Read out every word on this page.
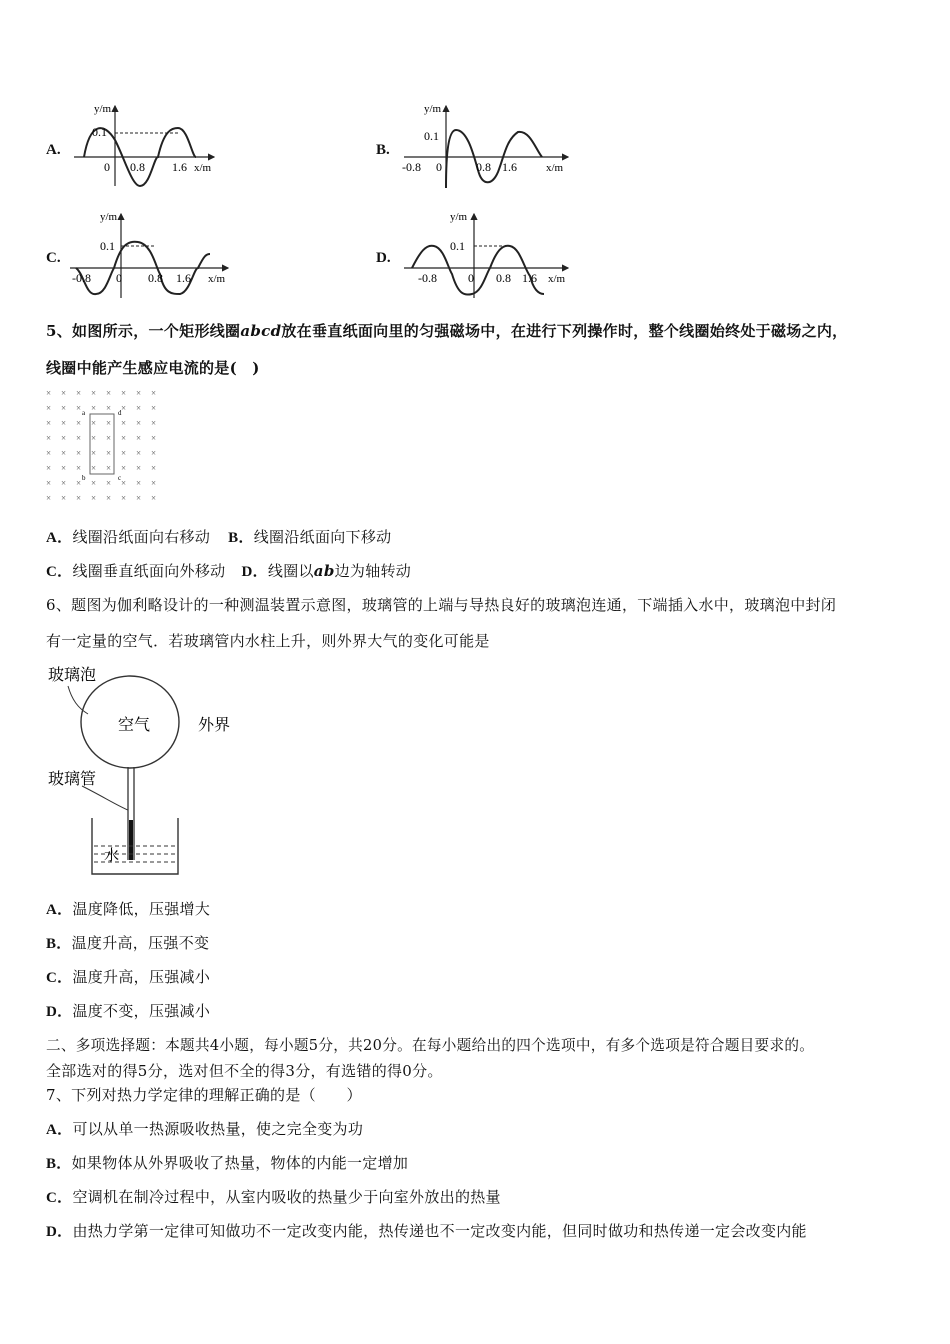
A.
y/m
0.1
0 0.8 1.6 x/m
B.
y/m
0.1
-0.8 0	0.8 1.6	x/m
C.
y/m
0.1
-0.8 0 0.8 1.6 x/m
D.
y/m
0.1
-0.8	0 0.8 1.6 x/m
5、如图所示，一个矩形线圈abcd放在垂直纸面向里的匀强磁场中，在进行下列操作时，整个线圈始终处于磁场之内，
线圈中能产生感应电流的是(　)
× × × × × × × ×
× × × × × × × ×
× × × × × × × ×
× × × × × × × ×
× × × × × × × ×
× × × × × × × ×
× × × × × × × ×
× × × × × × × ×
a	d
b	c
A．线圈沿纸面向右移动 B．线圈沿纸面向下移动
C．线圈垂直纸面向外移动 D．线圈以ab边为轴转动
6、题图为伽利略设计的一种测温装置示意图，玻璃管的上端与导热良好的玻璃泡连通，下端插入水中，玻璃泡中封闭
有一定量的空气．若玻璃管内水柱上升，则外界大气的变化可能是
玻璃泡
空气	外界
玻璃管
水
A．温度降低，压强增大
B．温度升高，压强不变
C．温度升高，压强减小
D．温度不变，压强减小
二、多项选择题：本题共4小题，每小题5分，共20分。在每小题给出的四个选项中，有多个选项是符合题目要求的。
全部选对的得5分，选对但不全的得3分，有选错的得0分。
7、下列对热力学定律的理解正确的是（　　）
A．可以从单一热源吸收热量，使之完全变为功
B．如果物体从外界吸收了热量，物体的内能一定增加
C．空调机在制冷过程中，从室内吸收的热量少于向室外放出的热量
D．由热力学第一定律可知做功不一定改变内能，热传递也不一定改变内能，但同时做功和热传递一定会改变内能
